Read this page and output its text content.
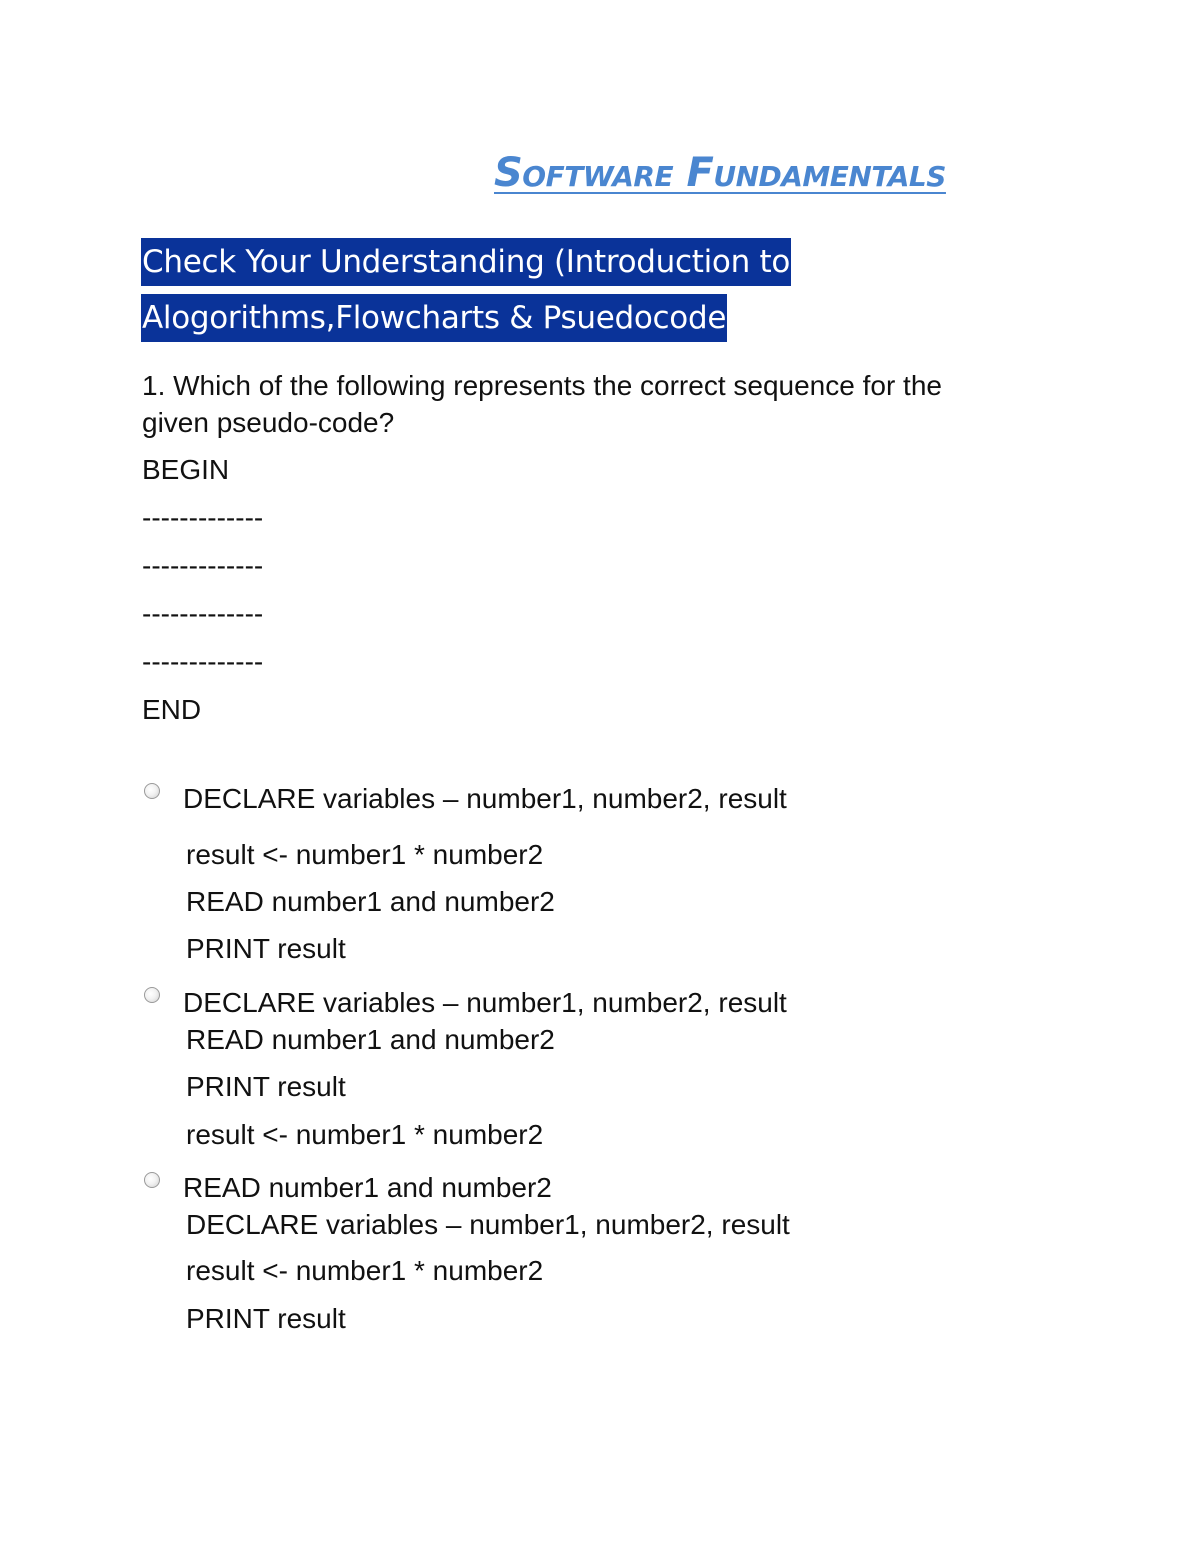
Software Fundamentals
Check Your Understanding (Introduction to
Alogorithms,Flowcharts & Psuedocode

1. Which of the following represents the correct sequence for the

given pseudo-code?

BEGIN

-------------

-------------

-------------

-------------

END

DECLARE variables – number1, number2, result

result <- number1 * number2

READ number1 and number2

PRINT result

DECLARE variables – number1, number2, result

READ number1 and number2

PRINT result

result <- number1 * number2

READ number1 and number2

DECLARE variables – number1, number2, result

result <- number1 * number2

PRINT result
